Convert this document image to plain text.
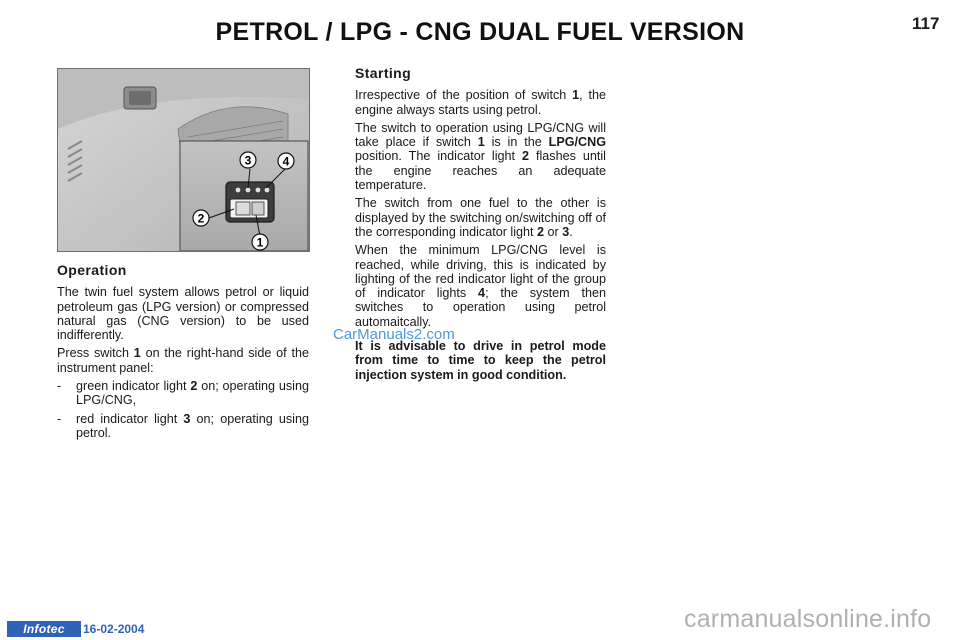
PETROL / LPG - CNG DUAL FUEL VERSION	117
3	4
2
1
Operation

The twin fuel system allows petrol or liquid petroleum gas (LPG version) or compressed natural gas (CNG version) to be used indifferently.

Press switch 1 on the right-hand side of the instrument panel:

-	green indicator light 2 on; operating using LPG/CNG,
-	red indicator light 3 on; operating using petrol.
Starting

Irrespective of the position of switch 1, the engine always starts using petrol.

The switch to operation using LPG/CNG will take place if switch 1 is in the LPG/CNG position. The indicator light 2 flashes until the engine reaches an adequate temperature.

The switch from one fuel to the other is displayed by the switching on/switching off of the corresponding indicator light 2 or 3.

When the minimum LPG/CNG level is reached, while driving, this is indicated by lighting of the red indicator light of the group of indicator lights 4; the system then switches to operation using petrol automaitcally.

It is advisable to drive in petrol mode from time to time to keep the petrol injection system in good condition.

CarManuals2.com
Infotec	16-02-2004	carmanualsonline.info
